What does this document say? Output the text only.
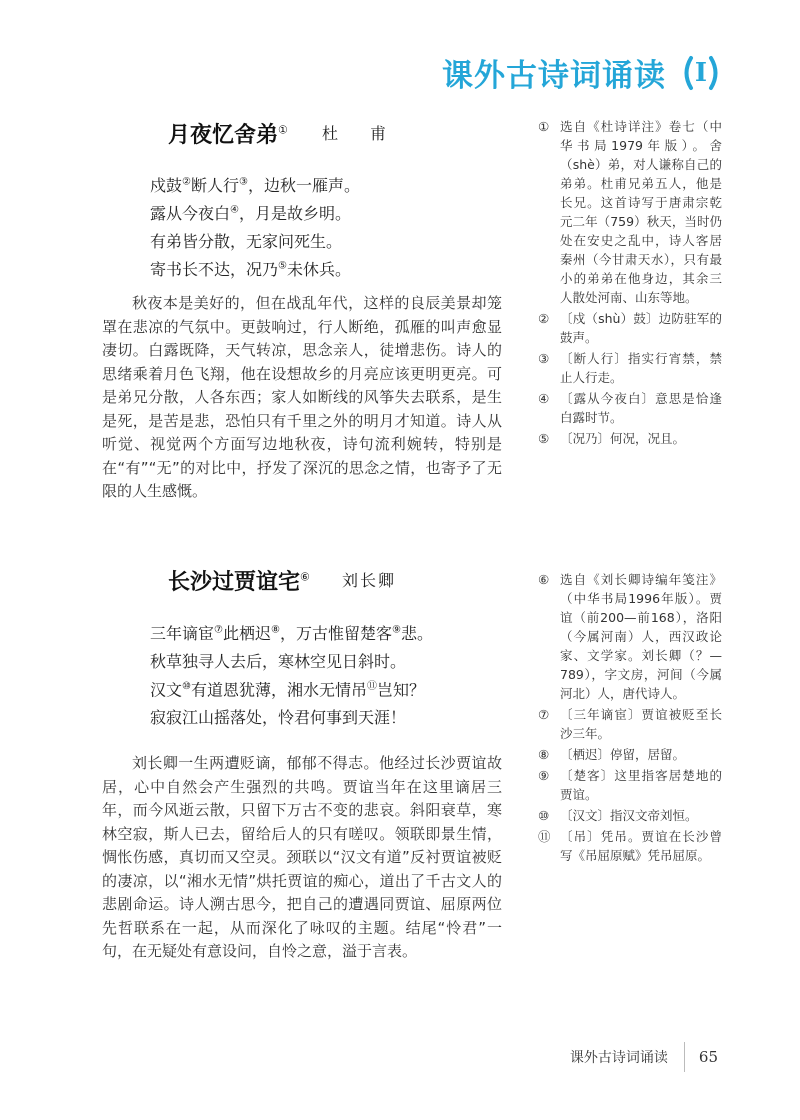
课外古诗词诵读	I
月夜忆舍弟① 杜　甫
戍鼓②断人行③，边秋一雁声。
露从今夜白④，月是故乡明。
有弟皆分散，无家问死生。
寄书长不达，况乃⑤未休兵。

秋夜本是美好的，但在战乱年代，这样的良辰美景却笼罩在悲凉的气氛中。更鼓响过，行人断绝，孤雁的叫声愈显凄切。白露既降，天气转凉，思念亲人，徒增悲伤。诗人的思绪乘着月色飞翔，他在设想故乡的月亮应该更明更亮。可是弟兄分散，人各东西；家人如断线的风筝失去联系，是生是死，是苦是悲，恐怕只有千里之外的明月才知道。诗人从听觉、视觉两个方面写边地秋夜，诗句流利婉转，特别是在“有”“无”的对比中，抒发了深沉的思念之情，也寄予了无限的人生感慨。

① 选自《杜诗详注》卷七（中华书局1979年版）。舍（shè）弟，对人谦称自己的弟弟。杜甫兄弟五人，他是长兄。这首诗写于唐肃宗乾元二年（759）秋天，当时仍处在安史之乱中，诗人客居秦州（今甘肃天水），只有最小的弟弟在他身边，其余三人散处河南、山东等地。
② 〔戍（shù）鼓〕边防驻军的鼓声。
③ 〔断人行〕指实行宵禁，禁止人行走。
④ 〔露从今夜白〕意思是恰逢白露时节。
⑤ 〔况乃〕何况，况且。
长沙过贾谊宅⑥ 刘长卿
三年谪宦⑦此栖迟⑧，万古惟留楚客⑨悲。
秋草独寻人去后，寒林空见日斜时。
汉文⑩有道恩犹薄，湘水无情吊⑪岂知？
寂寂江山摇落处，怜君何事到天涯！

刘长卿一生两遭贬谪，郁郁不得志。他经过长沙贾谊故居，心中自然会产生强烈的共鸣。贾谊当年在这里谪居三年，而今风逝云散，只留下万古不变的悲哀。斜阳衰草，寒林空寂，斯人已去，留给后人的只有嗟叹。领联即景生情，惆怅伤感，真切而又空灵。颈联以“汉文有道”反衬贾谊被贬的凄凉，以“湘水无情”烘托贾谊的痴心，道出了千古文人的悲剧命运。诗人溯古思今，把自己的遭遇同贾谊、屈原两位先哲联系在一起，从而深化了咏叹的主题。结尾“怜君”一句，在无疑处有意设问，自怜之意，溢于言表。

⑥ 选自《刘长卿诗编年笺注》（中华书局1996年版）。贾谊（前200—前168），洛阳（今属河南）人，西汉政论家、文学家。刘长卿（？—789），字文房，河间（今属河北）人，唐代诗人。
⑦ 〔三年谪宦〕贾谊被贬至长沙三年。
⑧ 〔栖迟〕停留，居留。
⑨ 〔楚客〕这里指客居楚地的贾谊。
⑩ 〔汉文〕指汉文帝刘恒。
⑪ 〔吊〕凭吊。贾谊在长沙曾写《吊屈原赋》凭吊屈原。
课外古诗词诵读 65
